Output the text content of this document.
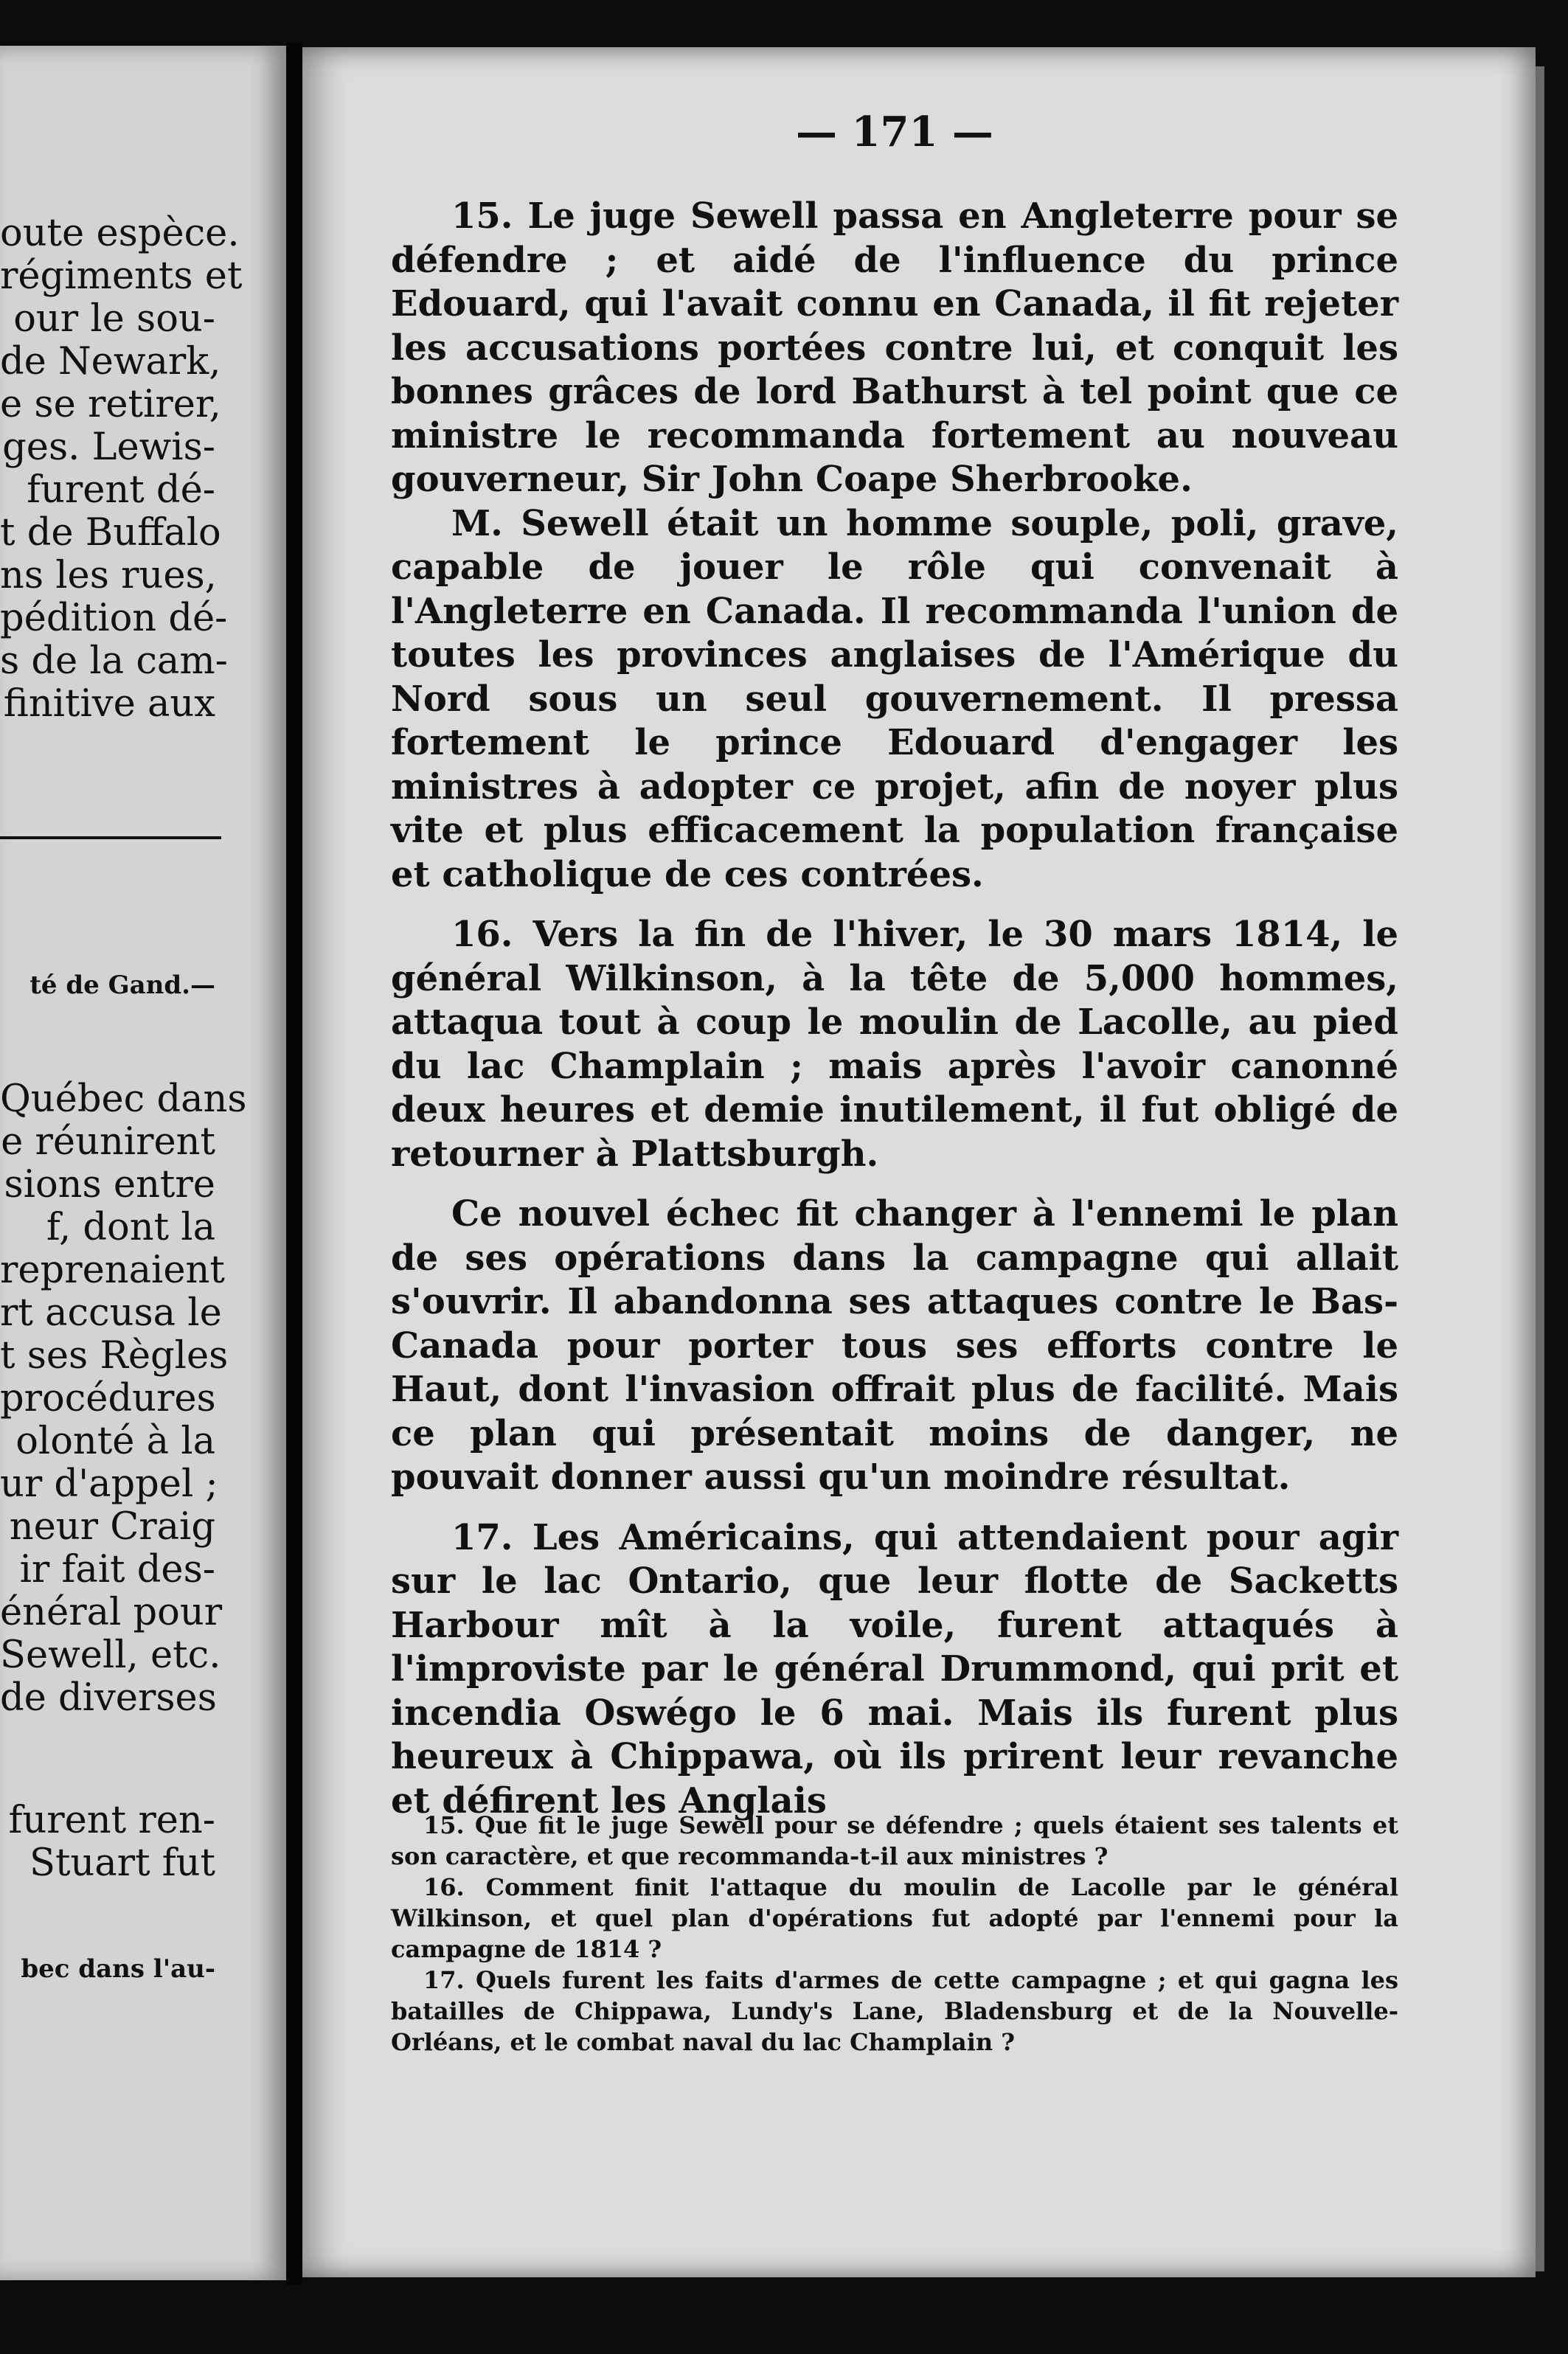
oute espèce.

régiments et

our le sou-

de Newark,

e se retirer,

ges. Lewis-

furent dé-

t de Buffalo

ns les rues,

pédition dé-

s de la cam-

finitive aux

té de Gand.—

Québec dans

e réunirent

sions entre

f, dont la

reprenaient

rt accusa le

t ses Règles

procédures

olonté à la

ur d'appel ;

neur Craig

ir fait des-

énéral pour

Sewell, etc.

de diverses

furent ren-

Stuart fut

bec dans l'au-

— 171 —

15. Le juge Sewell passa en Angleterre pour se défendre ; et aidé de l'influence du prince Edouard, qui l'avait connu en Canada, il fit rejeter les accusations portées contre lui, et conquit les bonnes grâces de lord Bathurst à tel point que ce ministre le recommanda fortement au nouveau gouverneur, Sir John Coape Sherbrooke.

M. Sewell était un homme souple, poli, grave, capable de jouer le rôle qui convenait à l'Angleterre en Canada. Il recommanda l'union de toutes les provinces anglaises de l'Amérique du Nord sous un seul gouvernement. Il pressa fortement le prince Edouard d'engager les ministres à adopter ce projet, afin de noyer plus vite et plus efficacement la population française et catholique de ces contrées.

16. Vers la fin de l'hiver, le 30 mars 1814, le général Wilkinson, à la tête de 5,000 hommes, attaqua tout à coup le moulin de Lacolle, au pied du lac Champlain ; mais après l'avoir canonné deux heures et demie inutilement, il fut obligé de retourner à Plattsburgh.

Ce nouvel échec fit changer à l'ennemi le plan de ses opérations dans la campagne qui allait s'ouvrir. Il abandonna ses attaques contre le Bas-Canada pour porter tous ses efforts contre le Haut, dont l'invasion offrait plus de facilité. Mais ce plan qui présentait moins de danger, ne pouvait donner aussi qu'un moindre résultat.

17. Les Américains, qui attendaient pour agir sur le lac Ontario, que leur flotte de Sacketts Harbour mît à la voile, furent attaqués à l'improviste par le général Drummond, qui prit et incendia Oswégo le 6 mai. Mais ils furent plus heureux à Chippawa, où ils prirent leur revanche et défirent les Anglais

15. Que fit le juge Sewell pour se défendre ; quels étaient ses talents et son caractère, et que recommanda-t-il aux ministres ?

16. Comment finit l'attaque du moulin de Lacolle par le général Wilkinson, et quel plan d'opérations fut adopté par l'ennemi pour la campagne de 1814 ?

17. Quels furent les faits d'armes de cette campagne ; et qui gagna les batailles de Chippawa, Lundy's Lane, Bladensburg et de la Nouvelle-Orléans, et le combat naval du lac Champlain ?
